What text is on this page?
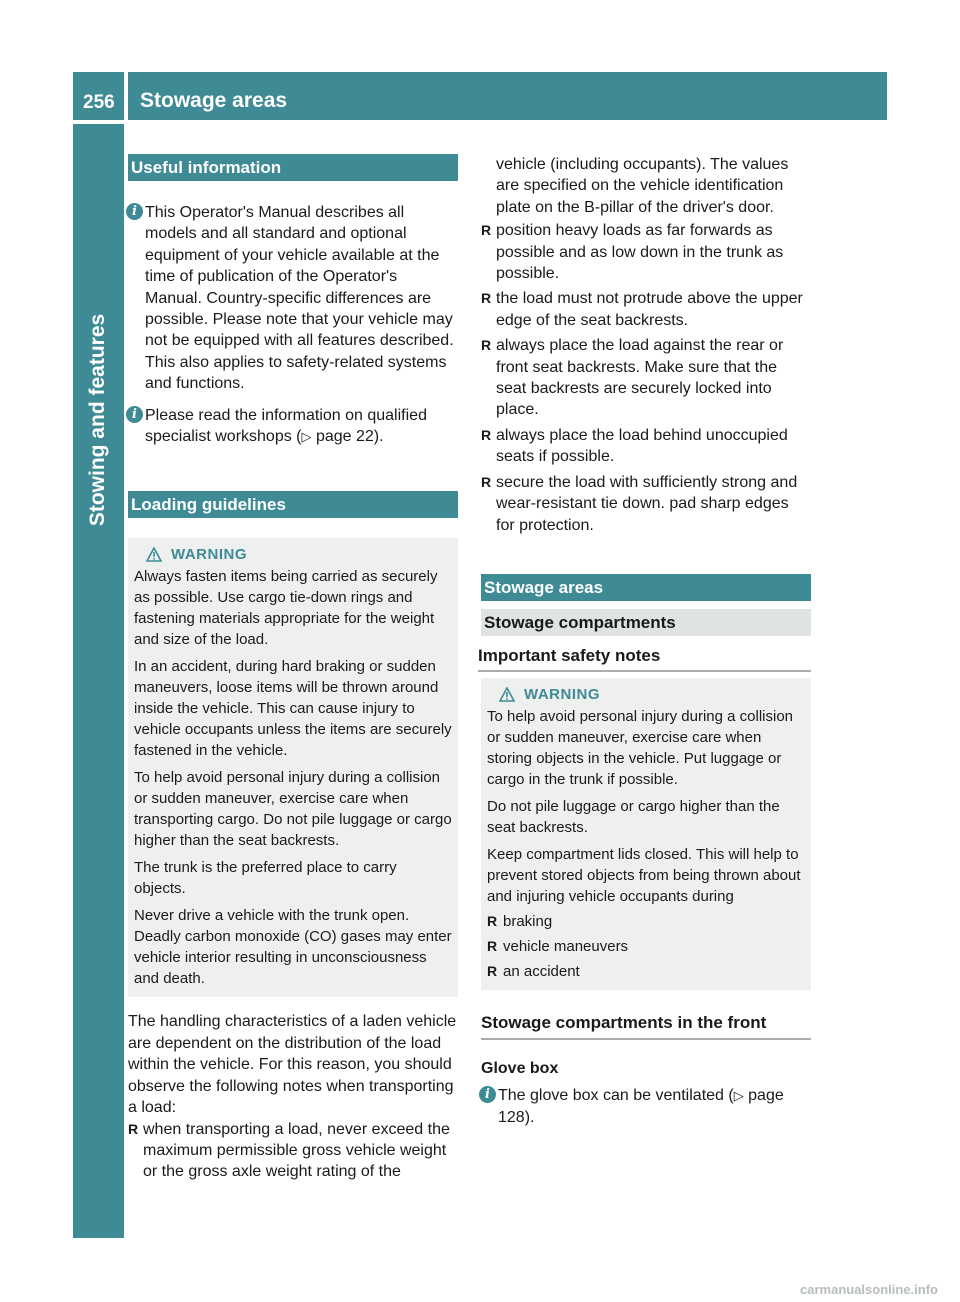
256 Stowage areas
Stowing and features
Useful information
i This Operator's Manual describes all models and all standard and optional equipment of your vehicle available at the time of publication of the Operator's Manual. Country-specific differences are possible. Please note that your vehicle may not be equipped with all features described. This also applies to safety-related systems and functions.
i Please read the information on qualified specialist workshops (▷ page 22).
Loading guidelines
WARNING

Always fasten items being carried as securely as possible. Use cargo tie-down rings and fastening materials appropriate for the weight and size of the load.

In an accident, during hard braking or sudden maneuvers, loose items will be thrown around inside the vehicle. This can cause injury to vehicle occupants unless the items are securely fastened in the vehicle.

To help avoid personal injury during a collision or sudden maneuver, exercise care when transporting cargo. Do not pile luggage or cargo higher than the seat backrests.

The trunk is the preferred place to carry objects.

Never drive a vehicle with the trunk open. Deadly carbon monoxide (CO) gases may enter vehicle interior resulting in unconsciousness and death.

The handling characteristics of a laden vehicle are dependent on the distribution of the load within the vehicle. For this reason, you should observe the following notes when transporting a load:

R when transporting a load, never exceed the maximum permissible gross vehicle weight or the gross axle weight rating of the

vehicle (including occupants). The values are specified on the vehicle identification plate on the B-pillar of the driver's door.

R position heavy loads as far forwards as possible and as low down in the trunk as possible.
R the load must not protrude above the upper edge of the seat backrests.
R always place the load against the rear or front seat backrests. Make sure that the seat backrests are securely locked into place.
R always place the load behind unoccupied seats if possible.
R secure the load with sufficiently strong and wear-resistant tie down. pad sharp edges for protection.
Stowage areas
Stowage compartments
Important safety notes
WARNING

To help avoid personal injury during a collision or sudden maneuver, exercise care when storing objects in the vehicle. Put luggage or cargo in the trunk if possible.

Do not pile luggage or cargo higher than the seat backrests.

Keep compartment lids closed. This will help to prevent stored objects from being thrown about and injuring vehicle occupants during

R braking
R vehicle maneuvers
R an accident
Stowage compartments in the front

Glove box

i The glove box can be ventilated (▷ page 128).
carmanualsonline.info
